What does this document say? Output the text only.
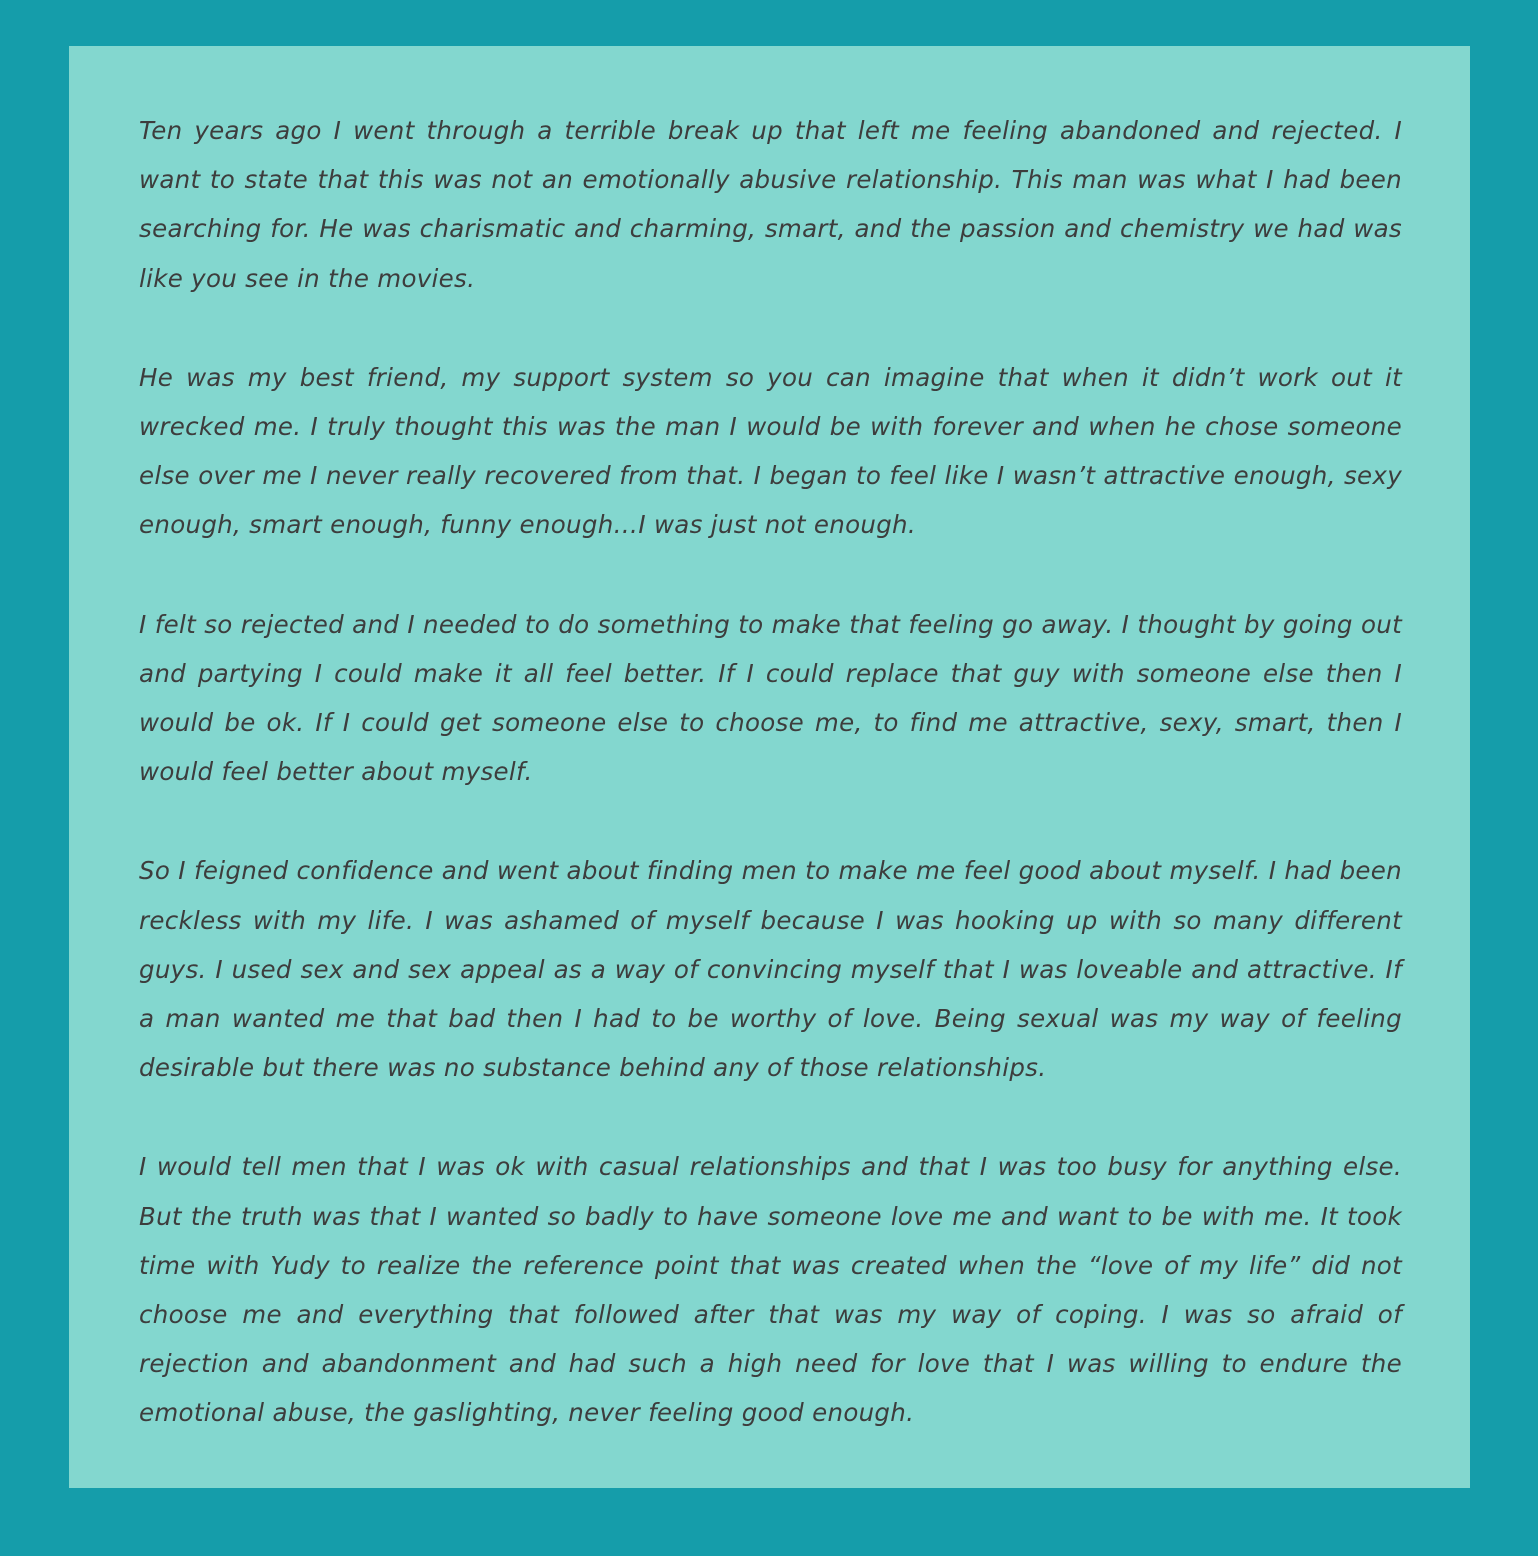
Ten years ago I went through a terrible break up that left me feeling abandoned and rejected. I want to state that this was not an emotionally abusive relationship. This man was what I had been searching for. He was charismatic and charming, smart, and the passion and chemistry we had was like you see in the movies.

He was my best friend, my support system so you can imagine that when it didn’t work out it wrecked me. I truly thought this was the man I would be with forever and when he chose someone else over me I never really recovered from that. I began to feel like I wasn’t attractive enough, sexy enough, smart enough, funny enough…I was just not enough.

I felt so rejected and I needed to do something to make that feeling go away. I thought by going out and partying I could make it all feel better. If I could replace that guy with someone else then I would be ok. If I could get someone else to choose me, to find me attractive, sexy, smart, then I would feel better about myself.

So I feigned confidence and went about finding men to make me feel good about myself. I had been reckless with my life. I was ashamed of myself because I was hooking up with so many different guys. I used sex and sex appeal as a way of convincing myself that I was loveable and attractive. If a man wanted me that bad then I had to be worthy of love. Being sexual was my way of feeling desirable but there was no substance behind any of those relationships.

I would tell men that I was ok with casual relationships and that I was too busy for anything else. But the truth was that I wanted so badly to have someone love me and want to be with me. It took time with Yudy to realize the reference point that was created when the “love of my life” did not choose me and everything that followed after that was my way of coping. I was so afraid of rejection and abandonment and had such a high need for love that I was willing to endure the emotional abuse, the gaslighting, never feeling good enough.
